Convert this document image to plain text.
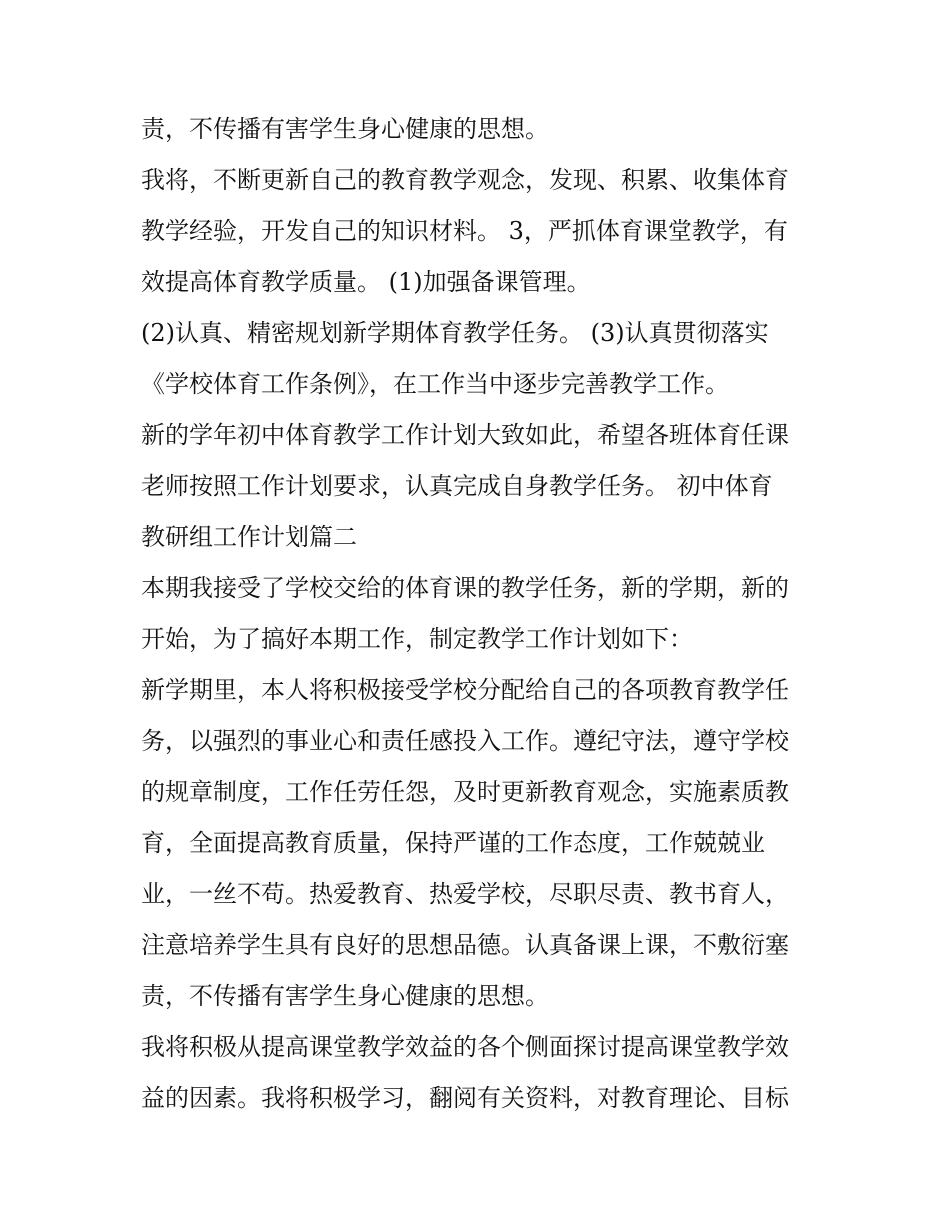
责，不传播有害学生身心健康的思想。
我将，不断更新自己的教育教学观念，发现、积累、收集体育
教学经验，开发自己的知识材料。 3，严抓体育课堂教学，有
效提高体育教学质量。 (1)加强备课管理。
(2)认真、精密规划新学期体育教学任务。 (3)认真贯彻落实
《学校体育工作条例》，在工作当中逐步完善教学工作。
新的学年初中体育教学工作计划大致如此，希望各班体育任课
老师按照工作计划要求，认真完成自身教学任务。 初中体育
教研组工作计划篇二
本期我接受了学校交给的体育课的教学任务，新的学期，新的
开始，为了搞好本期工作，制定教学工作计划如下：
新学期里，本人将积极接受学校分配给自己的各项教育教学任
务，以强烈的事业心和责任感投入工作。遵纪守法，遵守学校
的规章制度，工作任劳任怨，及时更新教育观念，实施素质教
育，全面提高教育质量，保持严谨的工作态度，工作兢兢业
业，一丝不苟。热爱教育、热爱学校，尽职尽责、教书育人，
注意培养学生具有良好的思想品德。认真备课上课，不敷衍塞
责，不传播有害学生身心健康的思想。
我将积极从提高课堂教学效益的各个侧面探讨提高课堂教学效
益的因素。我将积极学习，翻阅有关资料，对教育理论、目标
